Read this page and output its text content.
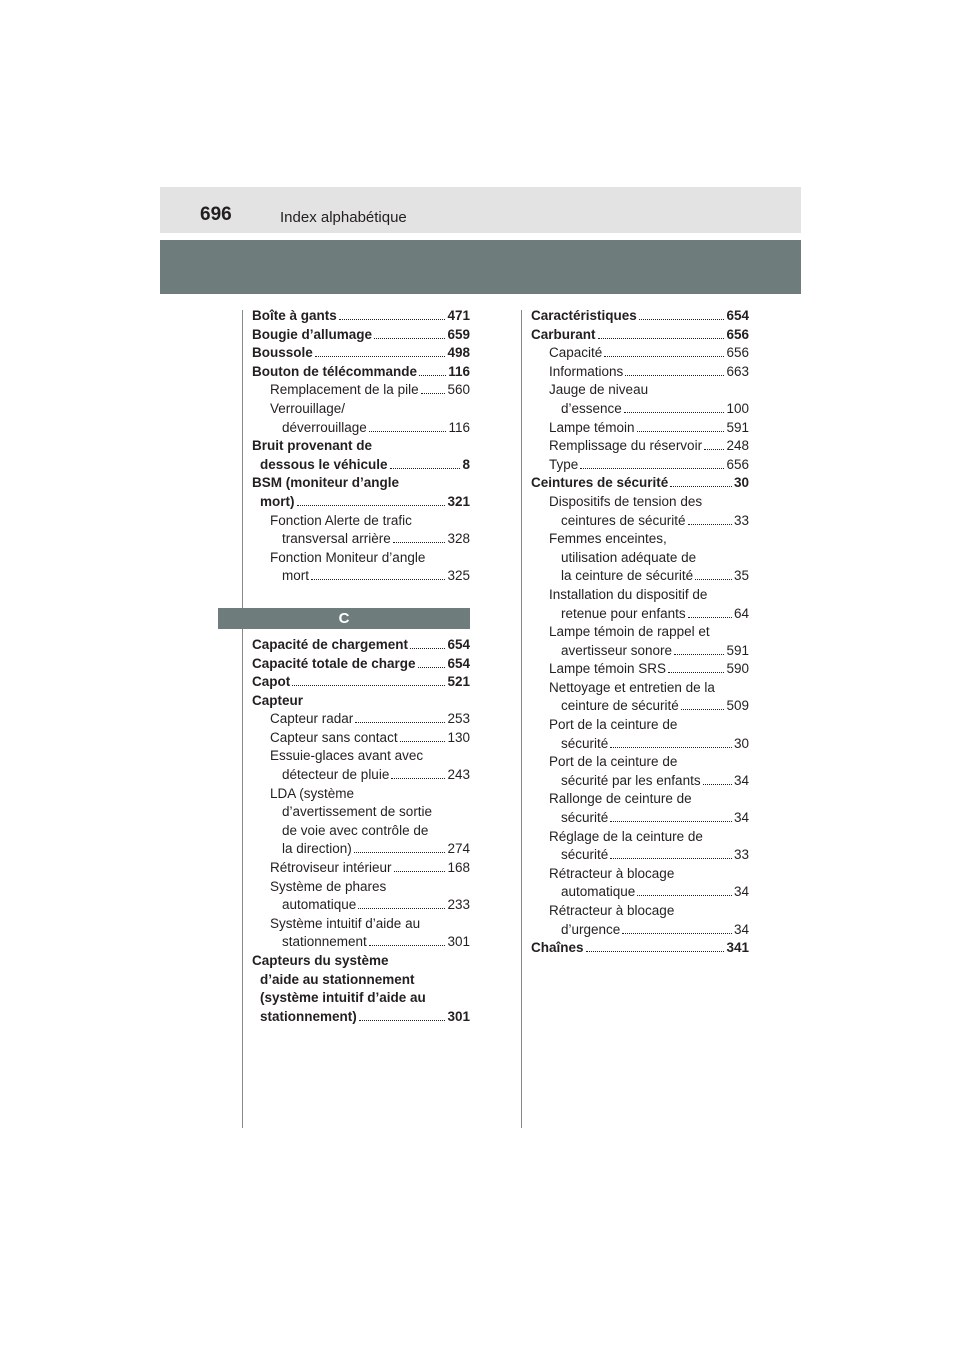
696	Index alphabétique
Boîte à gants	471
Bougie d’allumage	659
Boussole	498
Bouton de télécommande 116
Remplacement de la pile 560
Verrouillage/
déverrouillage	116
Bruit provenant de
dessous le véhicule	8
BSM (moniteur d’angle
mort)	321
Fonction Alerte de trafic
transversal arrière	328
Fonction Moniteur d’angle
mort	325
C
Capacité de chargement	654
Capacité totale de charge 654
Capot	521
Capteur
Capteur radar	253
Capteur sans contact	130
Essuie-glaces avant avec
détecteur de pluie	243
LDA (système
d’avertissement de sortie
de voie avec contrôle de
la direction)	274
Rétroviseur intérieur	168
Système de phares
automatique	233
Système intuitif d’aide au
stationnement	301
Capteurs du système
d’aide au stationnement
(système intuitif d’aide au
stationnement)	301
Caractéristiques	654
Carburant	656
Capacité	656
Informations	663
Jauge de niveau
d’essence	100
Lampe témoin	591
Remplissage du réservoir 248
Type	656
Ceintures de sécurité	30
Dispositifs de tension des
ceintures de sécurité	33
Femmes enceintes,
utilisation adéquate de
la ceinture de sécurité	35
Installation du dispositif de
retenue pour enfants	64
Lampe témoin de rappel et
avertisseur sonore	591
Lampe témoin SRS	590
Nettoyage et entretien de la
ceinture de sécurité	509
Port de la ceinture de
sécurité	30
Port de la ceinture de
sécurité par les enfants 34
Rallonge de ceinture de
sécurité	34
Réglage de la ceinture de
sécurité	33
Rétracteur à blocage
automatique	34
Rétracteur à blocage
d’urgence	34
Chaînes	341
